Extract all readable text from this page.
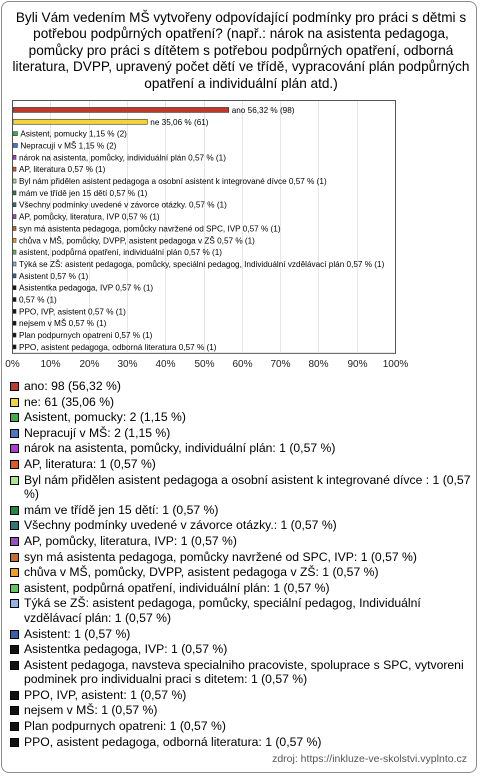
Byli Vám vedením MŠ vytvořeny odpovídající podmínky pro práci s dětmi s potřebou podpůrných opatření? (např.: nárok na asistenta pedagoga, pomůcky pro práci s dítětem s potřebou podpůrných opatření, odborná literatura, DVPP, upravený počet dětí ve třídě, vypracování plán podpůrných opatření a individuální plán atd.)

0% 10% 20% 30% 40% 50% 60% 70% 80% 90% 100%
ano 56,32 % (98)
ne 35,06 % (61)
Asistent, pomucky 1,15 % (2)
Nepracují v MŠ 1,15 % (2)
nárok na asistenta, pomůcky, individuální plán 0,57 % (1)
AP, literatura 0,57 % (1)
Byl nám přidělen asistent pedagoga a osobní asistent k integrované dívce 0,57 % (1)
mám ve třídě jen 15 dětí 0,57 % (1)
Všechny podmínky uvedené v závorce otázky. 0,57 % (1)
AP, pomůcky, literatura, IVP 0,57 % (1)
syn má asistenta pedagoga, pomůcky navržené od SPC, IVP 0,57 % (1)
chůva v MŠ, pomůcky, DVPP, asistent pedagoga v ZŠ 0,57 % (1)
asistent, podpůrná opatření, individuální plán 0,57 % (1)
Týká se ZŠ: asistent pedagoga, pomůcky, speciální pedagog, Individuální vzdělávací plán 0,57 % (1)
Asistent 0,57 % (1)
Asistentka pedagoga, IVP 0,57 % (1)
0,57 % (1)
PPO, IVP, asistent 0,57 % (1)
nejsem v MŠ 0,57 % (1)
Plan podpurnych opatreni 0,57 % (1)
PPO, asistent pedagoga, odborná literatura 0,57 % (1)
ano: 98 (56,32 %)
ne: 61 (35,06 %)
Asistent, pomucky: 2 (1,15 %)
Nepracují v MŠ: 2 (1,15 %)
nárok na asistenta, pomůcky, individuální plán: 1 (0,57 %)
AP, literatura: 1 (0,57 %)
Byl nám přidělen asistent pedagoga a osobní asistent k integrované dívce : 1 (0,57 %)
mám ve třídě jen 15 dětí: 1 (0,57 %)
Všechny podmínky uvedené v závorce otázky.: 1 (0,57 %)
AP, pomůcky, literatura, IVP: 1 (0,57 %)
syn má asistenta pedagoga, pomůcky navržené od SPC, IVP: 1 (0,57 %)
chůva v MŠ, pomůcky, DVPP, asistent pedagoga v ZŠ: 1 (0,57 %)
asistent, podpůrná opatření, individuální plán: 1 (0,57 %)
Týká se ZŠ: asistent pedagoga, pomůcky, speciální pedagog, Individuální vzdělávací plán: 1 (0,57 %)
Asistent: 1 (0,57 %)
Asistentka pedagoga, IVP: 1 (0,57 %)
Asistent pedagoga, navsteva specialniho pracoviste, spoluprace s SPC, vytvoreni podminek pro individualni praci s ditetem: 1 (0,57 %)
PPO, IVP, asistent: 1 (0,57 %)
nejsem v MŠ: 1 (0,57 %)
Plan podpurnych opatreni: 1 (0,57 %)
PPO, asistent pedagoga, odborná literatura: 1 (0,57 %)
zdroj: https://inkluze-ve-skolstvi.vyplnto.cz
